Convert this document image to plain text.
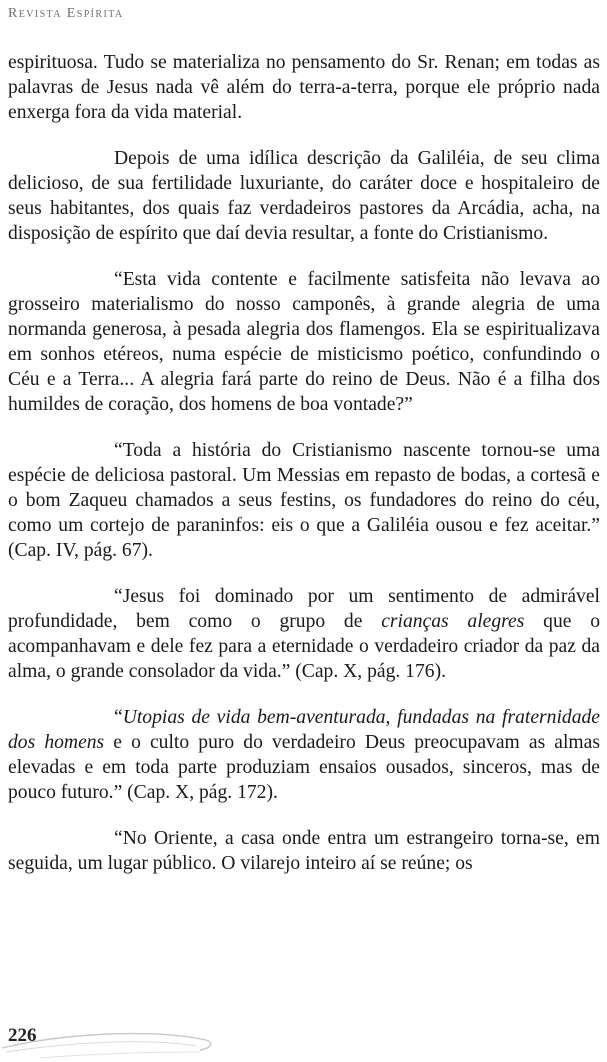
Revista Espírita

espirituosa. Tudo se materializa no pensamento do Sr. Renan; em todas as palavras de Jesus nada vê além do terra-a-terra, porque ele próprio nada enxerga fora da vida material.

Depois de uma idílica descrição da Galiléia, de seu clima delicioso, de sua fertilidade luxuriante, do caráter doce e hospitaleiro de seus habitantes, dos quais faz verdadeiros pastores da Arcádia, acha, na disposição de espírito que daí devia resultar, a fonte do Cristianismo.

“Esta vida contente e facilmente satisfeita não levava ao grosseiro materialismo do nosso camponês, à grande alegria de uma normanda generosa, à pesada alegria dos flamengos. Ela se espiritualizava em sonhos etéreos, numa espécie de misticismo poético, confundindo o Céu e a Terra... A alegria fará parte do reino de Deus. Não é a filha dos humildes de coração, dos homens de boa vontade?”

“Toda a história do Cristianismo nascente tornou-se uma espécie de deliciosa pastoral. Um Messias em repasto de bodas, a cortesã e o bom Zaqueu chamados a seus festins, os fundadores do reino do céu, como um cortejo de paraninfos: eis o que a Galiléia ousou e fez aceitar.” (Cap. IV, pág. 67).

“Jesus foi dominado por um sentimento de admirável profundidade, bem como o grupo de crianças alegres que o acompanhavam e dele fez para a eternidade o verdadeiro criador da paz da alma, o grande consolador da vida.” (Cap. X, pág. 176).

“Utopias de vida bem-aventurada, fundadas na fraternidade dos homens e o culto puro do verdadeiro Deus preocupavam as almas elevadas e em toda parte produziam ensaios ousados, sinceros, mas de pouco futuro.” (Cap. X, pág. 172).

“No Oriente, a casa onde entra um estrangeiro torna-se, em seguida, um lugar público. O vilarejo inteiro aí se reúne; os

226
